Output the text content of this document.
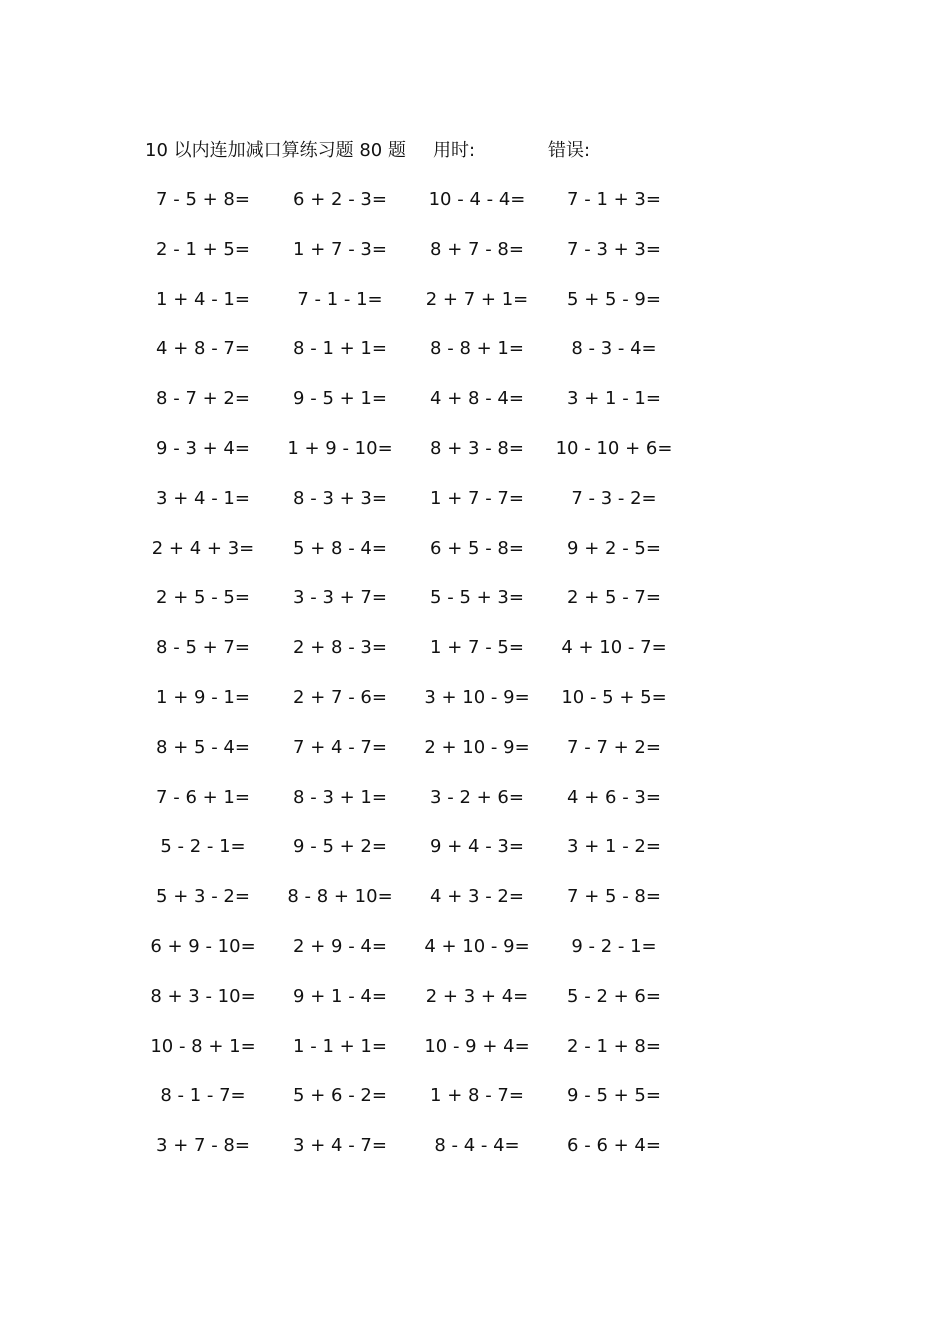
10 以内连加减口算练习题 80 题 用时:	错误:
7 - 5 + 8=	6 + 2 - 3=	10 - 4 - 4=	7 - 1 + 3=
2 - 1 + 5=	1 + 7 - 3=	8 + 7 - 8=	7 - 3 + 3=
1 + 4 - 1=	7 - 1 - 1=	2 + 7 + 1=	5 + 5 - 9=
4 + 8 - 7=	8 - 1 + 1=	8 - 8 + 1=	8 - 3 - 4=
8 - 7 + 2=	9 - 5 + 1=	4 + 8 - 4=	3 + 1 - 1=
9 - 3 + 4=	1 + 9 - 10=	8 + 3 - 8=	10 - 10 + 6=
3 + 4 - 1=	8 - 3 + 3=	1 + 7 - 7=	7 - 3 - 2=
2 + 4 + 3=	5 + 8 - 4=	6 + 5 - 8=	9 + 2 - 5=
2 + 5 - 5=	3 - 3 + 7=	5 - 5 + 3=	2 + 5 - 7=
8 - 5 + 7=	2 + 8 - 3=	1 + 7 - 5=	4 + 10 - 7=
1 + 9 - 1=	2 + 7 - 6=	3 + 10 - 9=	10 - 5 + 5=
8 + 5 - 4=	7 + 4 - 7=	2 + 10 - 9=	7 - 7 + 2=
7 - 6 + 1=	8 - 3 + 1=	3 - 2 + 6=	4 + 6 - 3=
5 - 2 - 1=	9 - 5 + 2=	9 + 4 - 3=	3 + 1 - 2=
5 + 3 - 2=	8 - 8 + 10=	4 + 3 - 2=	7 + 5 - 8=
6 + 9 - 10=	2 + 9 - 4=	4 + 10 - 9=	9 - 2 - 1=
8 + 3 - 10=	9 + 1 - 4=	2 + 3 + 4=	5 - 2 + 6=
10 - 8 + 1=	1 - 1 + 1=	10 - 9 + 4=	2 - 1 + 8=
8 - 1 - 7=	5 + 6 - 2=	1 + 8 - 7=	9 - 5 + 5=
3 + 7 - 8=	3 + 4 - 7=	8 - 4 - 4=	6 - 6 + 4=
